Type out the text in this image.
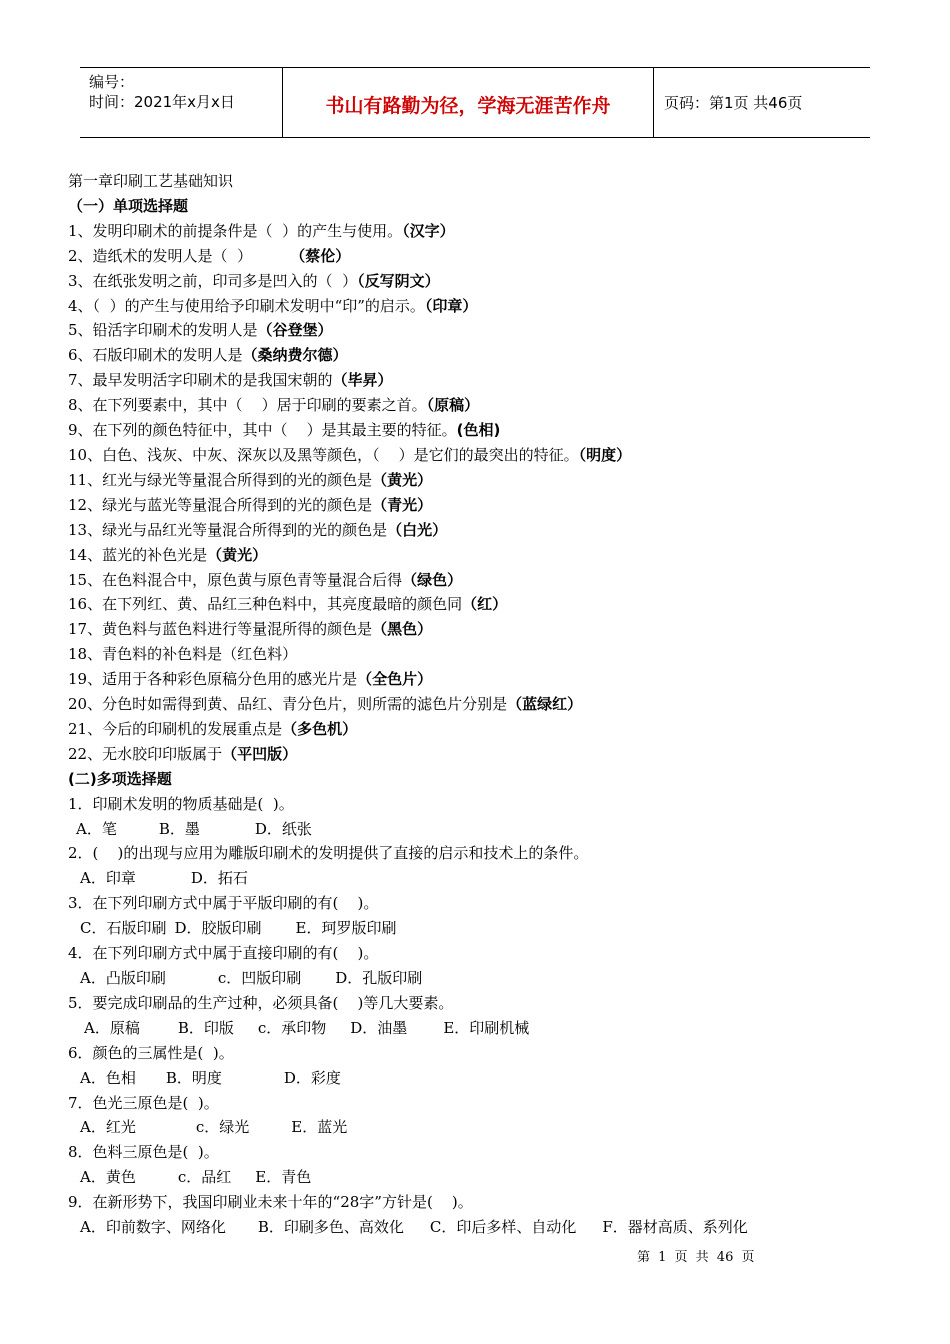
编号：
时间：2021年x月x日	书山有路勤为径，学海无涯苦作舟	页码：第1页 共46页
第一章印刷工艺基础知识
（一）单项选择题
1、发明印刷术的前提条件是（  ）的产生与使用。（汉字）
2、造纸术的发明人是（  ）        （蔡伦）
3、在纸张发明之前，印司多是凹入的（  ）（反写阴文）
4、（  ）的产生与使用给予印刷术发明中“印”的启示。（印章）
5、铅活字印刷术的发明人是（谷登堡）
6、石版印刷术的发明人是（桑纳费尔德）
7、最早发明活字印刷术的是我国宋朝的（毕昇）
8、在下列要素中，其中（    ）居于印刷的要素之首。（原稿）
9、在下列的颜色特征中，其中（    ）是其最主要的特征。(色相)
10、白色、浅灰、中灰、深灰以及黑等颜色，（    ）是它们的最突出的特征。（明度）
11、红光与绿光等量混合所得到的光的颜色是（黄光）
12、绿光与蓝光等量混合所得到的光的颜色是（青光）
13、绿光与品红光等量混合所得到的光的颜色是（白光）
14、蓝光的补色光是（黄光）
15、在色料混合中，原色黄与原色青等量混合后得（绿色）
16、在下列红、黄、品红三种色料中，其亮度最暗的颜色同（红）
17、黄色料与蓝色料进行等量混所得的颜色是（黑色）
18、青色料的补色料是（红色料）
19、适用于各种彩色原稿分色用的感光片是（全色片）
20、分色时如需得到黄、品红、青分色片，则所需的滤色片分别是（蓝绿红）
21、今后的印刷机的发展重点是（多色机）
22、无水胶印印版属于（平凹版）
(二)多项选择题
1．印刷术发明的物质基础是(  )。
A．笔	B．墨	D．纸张
2．(    )的出现与应用为雕版印刷术的发明提供了直接的启示和技术上的条件。
A．印章	D．拓石
3．在下列印刷方式中属于平版印刷的有(    )。
C．石版印刷 D．胶版印刷 E．珂罗版印刷
4．在下列印刷方式中属于直接印刷的有(    )。
A．凸版印刷	c．凹版印刷 D．孔版印刷
5．要完成印刷品的生产过种，必须具备(    )等几大要素。
A．原稿	B．印版 c．承印物 D．油墨 E．印刷机械
6．颜色的三属性是(  )。
A．色相 B．明度	D．彩度
7．色光三原色是(  )。
A．红光	c．绿光	E．蓝光
8．色料三原色是(  )。
A．黄色	c．品红 E．青色
9．在新形势下，我国印刷业未来十年的“28字”方针是(    )。
A．印前数字、网络化 B．印刷多色、高效化 C．印后多样、自动化 F．器材高质、系列化
第 1 页 共 46 页
